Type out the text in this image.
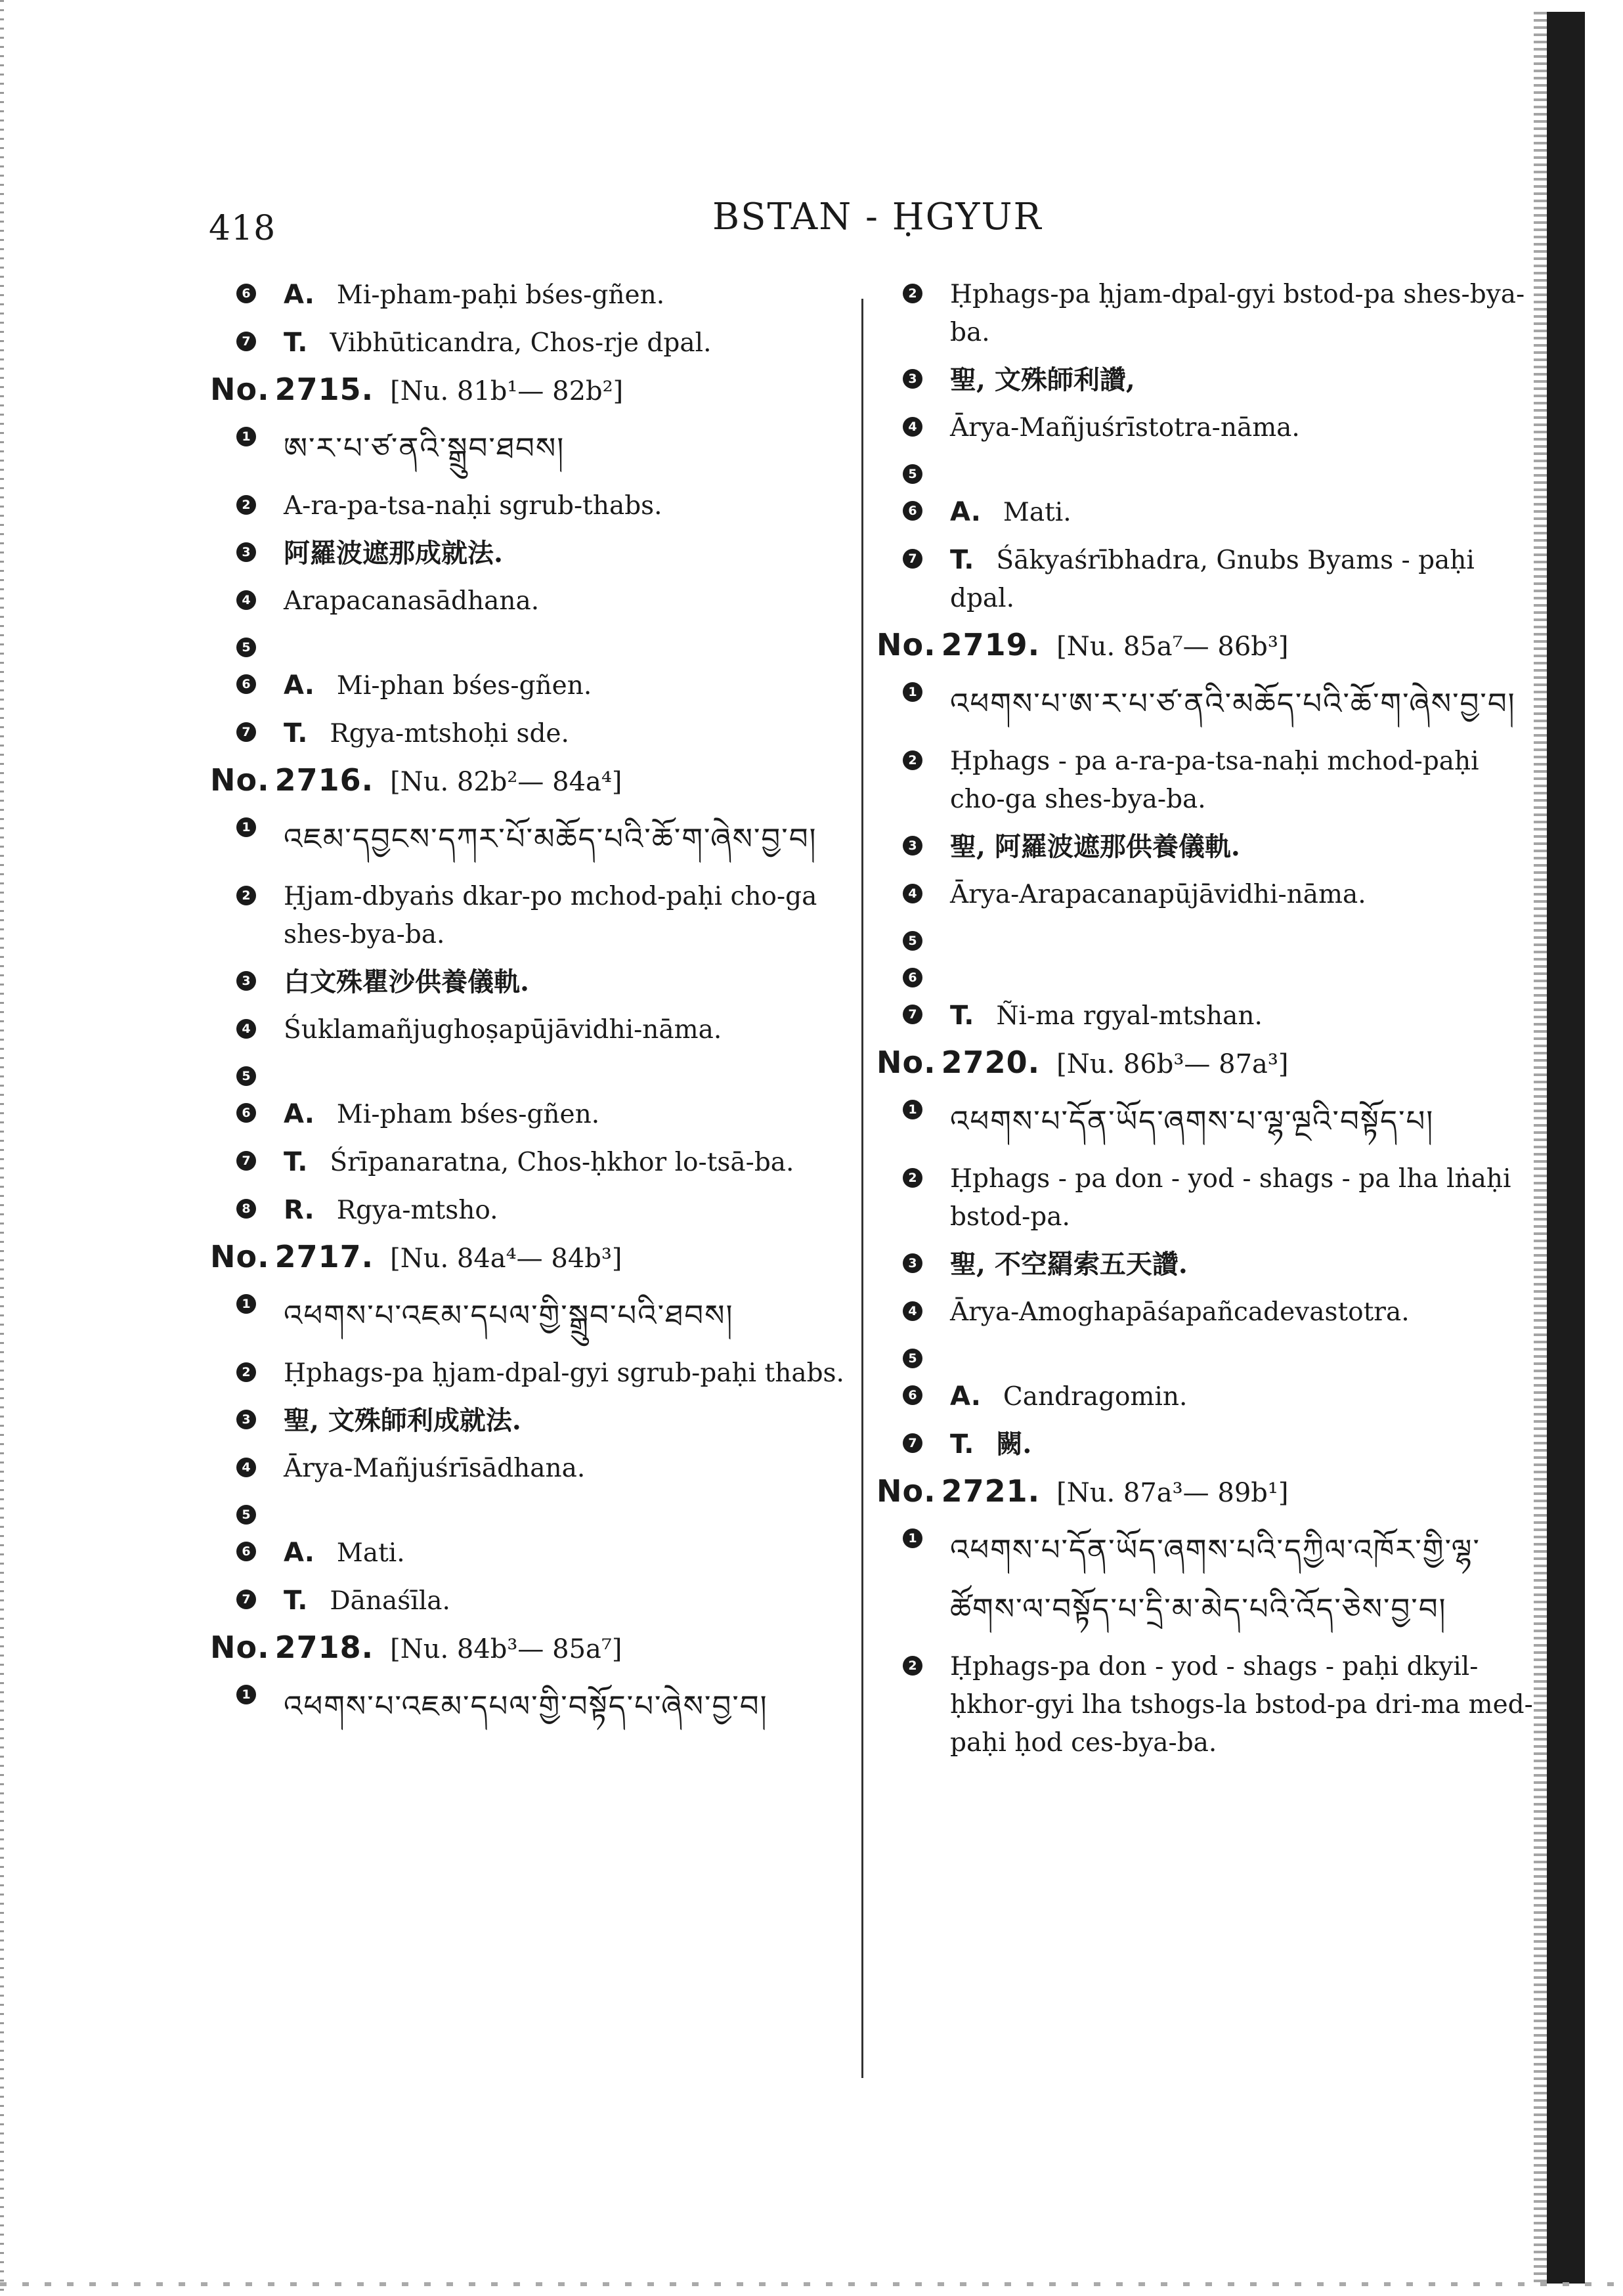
418	BSTAN - ḤGYUR
6 A. Mi-pham-paḥi bśes-gñen.
7 T. Vibhūticandra, Chos-rje dpal.
No. 2715 . [Nu. 81b¹— 82b²]
1 ཨ་ར་པ་ཙ་ནའི་སྒྲུབ་ཐབས།
2 A-ra-pa-tsa-naḥi sgrub-thabs.
3 阿羅波遮那成就法.
4 Arapacanasādhana.
5
6 A. Mi-phan bśes-gñen.
7 T. Rgya-mtshoḥi sde.
No. 2716 . [Nu. 82b²— 84a⁴]
1 འཇམ་དབྱངས་དཀར་པོ་མཆོད་པའི་ཆོ་ག་ཞེས་བྱ་བ།
2 Ḥjam-dbyaṅs dkar-po mchod-paḥi cho-ga shes-bya-ba.
3 白文殊瞿沙供養儀軌.
4 Śuklamañjughoṣapūjāvidhi-nāma.
5
6 A. Mi-pham bśes-gñen.
7 T. Śrīpanaratna, Chos-ḥkhor lo-tsā-ba.
8 R. Rgya-mtsho.
No. 2717 . [Nu. 84a⁴— 84b³]
1 འཕགས་པ་འཇམ་དཔལ་གྱི་སྒྲུབ་པའི་ཐབས།
2 Ḥphags-pa ḥjam-dpal-gyi sgrub-paḥi thabs.
3 聖, 文殊師利成就法.
4 Ārya-Mañjuśrīsādhana.
5
6 A. Mati.
7 T. Dānaśīla.
No. 2718 . [Nu. 84b³— 85a⁷]
1 འཕགས་པ་འཇམ་དཔལ་གྱི་བསྟོད་པ་ཞེས་བྱ་བ།
2 Ḥphags-pa ḥjam-dpal-gyi bstod-pa shes-bya-ba.
3 聖, 文殊師利讚,
4 Ārya-Mañjuśrīstotra-nāma.
5
6 A. Mati.
7 T. Śākyaśrībhadra, Gnubs Byams - paḥi dpal.
No. 2719 . [Nu. 85a⁷— 86b³]
1 འཕགས་པ་ཨ་ར་པ་ཙ་ནའི་མཆོད་པའི་ཆོ་ག་ཞེས་བྱ་བ།
2 Ḥphags - pa a-ra-pa-tsa-naḥi mchod-paḥi cho-ga shes-bya-ba.
3 聖, 阿羅波遮那供養儀軌.
4 Ārya-Arapacanapūjāvidhi-nāma.
5
6
7 T. Ñi-ma rgyal-mtshan.
No. 2720 . [Nu. 86b³— 87a³]
1 འཕགས་པ་དོན་ཡོད་ཞགས་པ་ལྷ་ལྔའི་བསྟོད་པ།
2 Ḥphags - pa don - yod - shags - pa lha lṅaḥi bstod-pa.
3 聖, 不空羂索五天讚.
4 Ārya-Amoghapāśapañcadevastotra.
5
6 A. Candragomin.
7 T. 闕.
No. 2721 . [Nu. 87a³— 89b¹]
1 འཕགས་པ་དོན་ཡོད་ཞགས་པའི་དཀྱིལ་འཁོར་གྱི་ལྷ་ཚོགས་ལ་བསྟོད་པ་དྲི་མ་མེད་པའི་འོད་ཅེས་བྱ་བ།
2 Ḥphags-pa don - yod - shags - paḥi dkyil-ḥkhor-gyi lha tshogs-la bstod-pa dri-ma med-paḥi ḥod ces-bya-ba.
